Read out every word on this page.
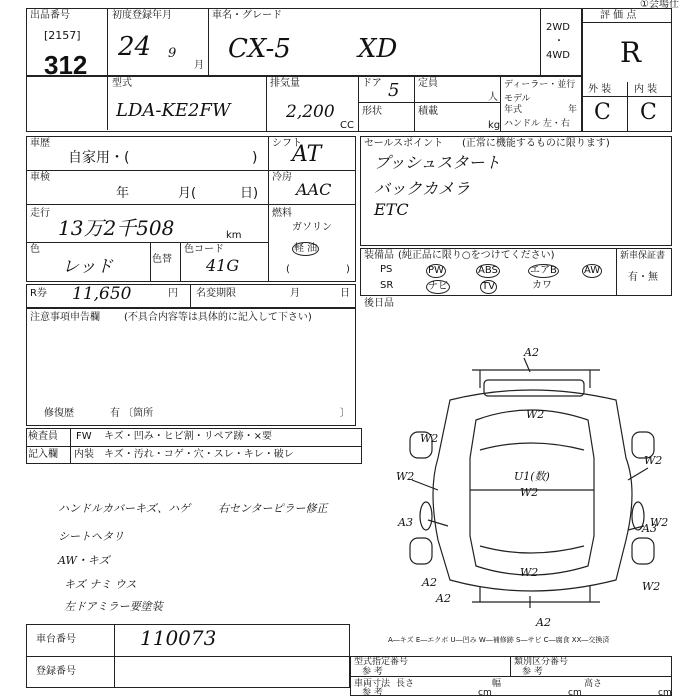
①会場仕
出品番号
[2157]
312
初度登録年月
24 9
月
車名・グレード
CX-5	XD
2WD
・
4WD
評 価 点
R
外 装 内 装
C C
型式
LDA-KE2FW
排気量
2,200
CC
ドア 5 定員
人
形状	積載
kg
ディーラー・並行
モデル
年式	年
ハンドル 左・右
車歴
自家用・(	)
シフト
AT
車検
年	月(	日)
冷房
AAC
走行
13万2千508	km
燃料
ガソリン
軽 油
(	)
色
レッド	色替
色コード
41G
R券 11,650	円 名変期限	月	日
注意事項申告欄 (不具合内容等は具体的に記入して下さい)
修復歴	有 〔箇所	〕
セールスポイント (正常に機能するものに限ります)
プッシュスタート
バックカメラ
ETC
装備品 (純正品に限り○をつけてください)	新車保証書
有・無
PS	PW	ABS	エアB	AW
SR	ナビ	TV	カワ
後日品
検査員
記入欄
FW キズ・凹み・ヒビ割・リペア跡・×要
内装 キズ・汚れ・コゲ・穴・スレ・キレ・破レ
ハンドルカバーキズ、ハゲ	右センターピラー修正
シートヘタリ
AW・キズ
キズ ナミ ウス
左ドアミラー要塗装
A2
W2
W2
W2
W2	U1(数)
W2
W2
A3	A3
W2
A2
A2
W2
A2
A―キズ E―エクボ U―凹み W―補修跡 S―サビ C―腐食 XX―交換済
車台番号	110073
登録番号
型式指定番号
参 考
類別区分番号
参 考
車両寸法
参 考
長さ
cm
幅
cm
高さ
cm
